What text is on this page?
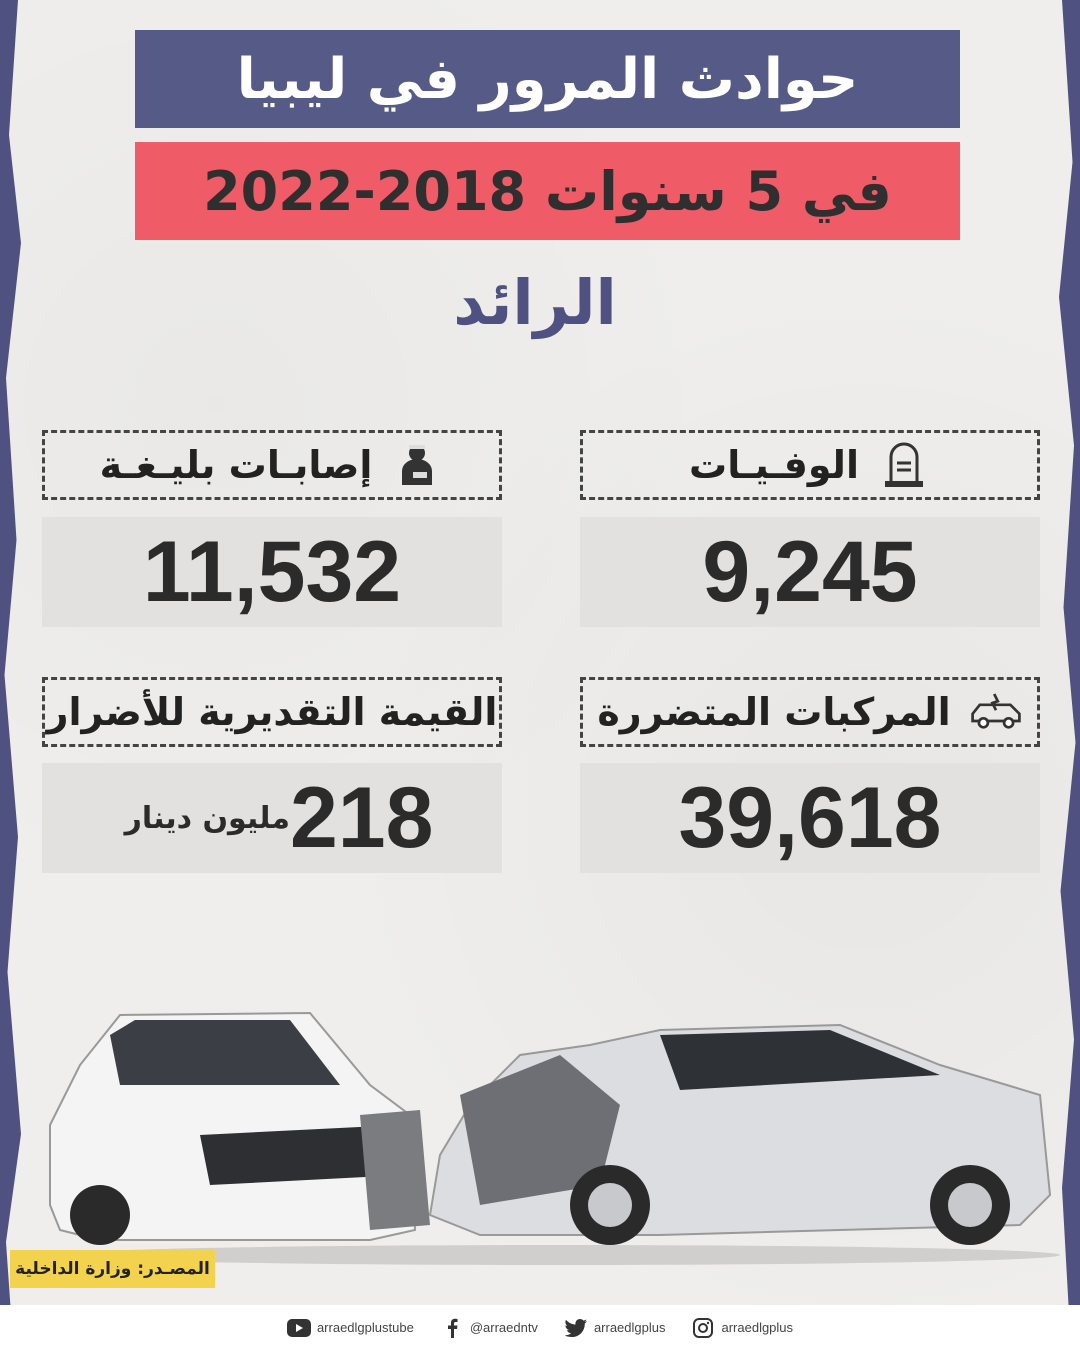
حوادث المرور في ليبيا
في 5 سنوات 2018-2022
الرائد
الوفـيـات
9,245
إصابـات بليـغـة
11,532
المركبات المتضررة
39,618
القيمة التقديرية للأضرار
مليون دينار 218
المصـدر: وزارة الداخلية
arraedlgplustube	@arraedntv	arraedlgplus	arraedlgplus
